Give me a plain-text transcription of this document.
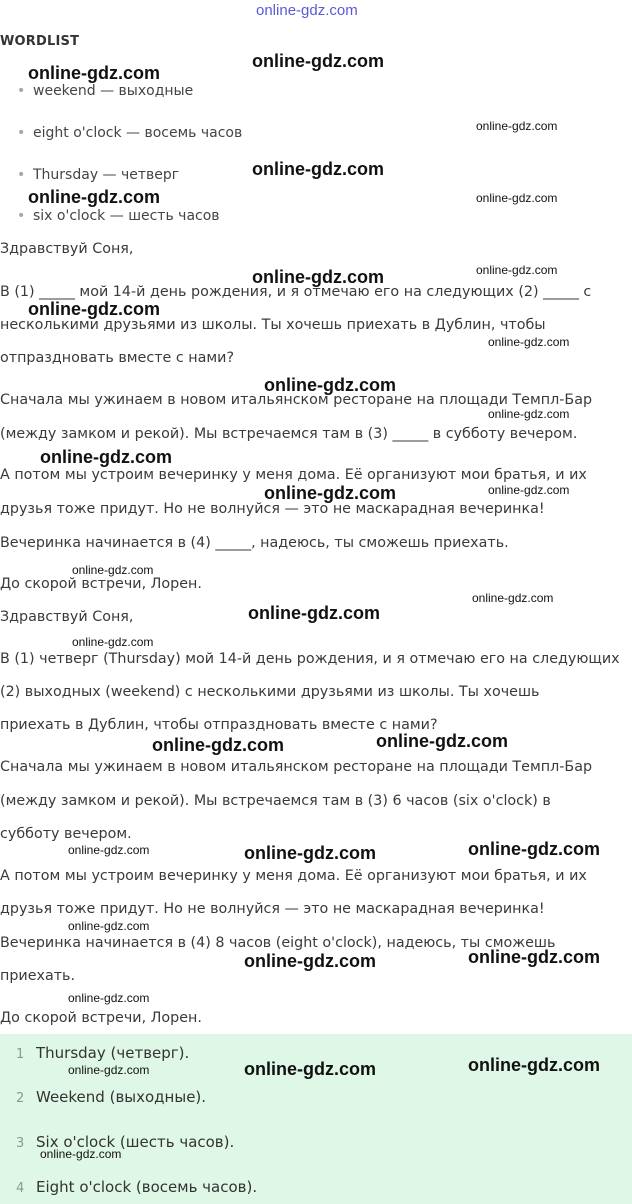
online-gdz.com
WORDLIST
• weekend — выходные
• eight o'clock — восемь часов
• Thursday — четверг
• six o'clock — шесть часов
Здравствуй Соня,
В (1) _____ мой 14-й день рождения, и я отмечаю его на следующих (2) _____ с
несколькими друзьями из школы. Ты хочешь приехать в Дублин, чтобы
отпраздновать вместе с нами?
Сначала мы ужинаем в новом итальянском ресторане на площади Темпл-Бар
(между замком и рекой). Мы встречаемся там в (3) _____ в субботу вечером.
А потом мы устроим вечеринку у меня дома. Её организуют мои братья, и их
друзья тоже придут. Но не волнуйся — это не маскарадная вечеринка!
Вечеринка начинается в (4) _____, надеюсь, ты сможешь приехать.
До скорой встречи, Лорен.
Здравствуй Соня,
В (1) четверг (Thursday) мой 14-й день рождения, и я отмечаю его на следующих
(2) выходных (weekend) с несколькими друзьями из школы. Ты хочешь
приехать в Дублин, чтобы отпраздновать вместе с нами?
Сначала мы ужинаем в новом итальянском ресторане на площади Темпл-Бар
(между замком и рекой). Мы встречаемся там в (3) 6 часов (six o'clock) в
субботу вечером.
А потом мы устроим вечеринку у меня дома. Её организуют мои братья, и их
друзья тоже придут. Но не волнуйся — это не маскарадная вечеринка!
Вечеринка начинается в (4) 8 часов (eight o'clock), надеюсь, ты сможешь
приехать.
До скорой встречи, Лорен.
1 Thursday (четверг).
2 Weekend (выходные).
3 Six o'clock (шесть часов).
4 Eight o'clock (восемь часов).
online-gdz.com
online-gdz.com
online-gdz.com
online-gdz.com
online-gdz.com	online-gdz.com
online-gdz.com	online-gdz.com
online-gdz.com
online-gdz.com
online-gdz.com
online-gdz.com
online-gdz.com
online-gdz.com	online-gdz.com
online-gdz.com
online-gdz.com
online-gdz.com
online-gdz.com
online-gdz.com	online-gdz.com
online-gdz.com	online-gdz.com	online-gdz.com
online-gdz.com
online-gdz.com	online-gdz.com
online-gdz.com
online-gdz.com	online-gdz.com	online-gdz.com
online-gdz.com
